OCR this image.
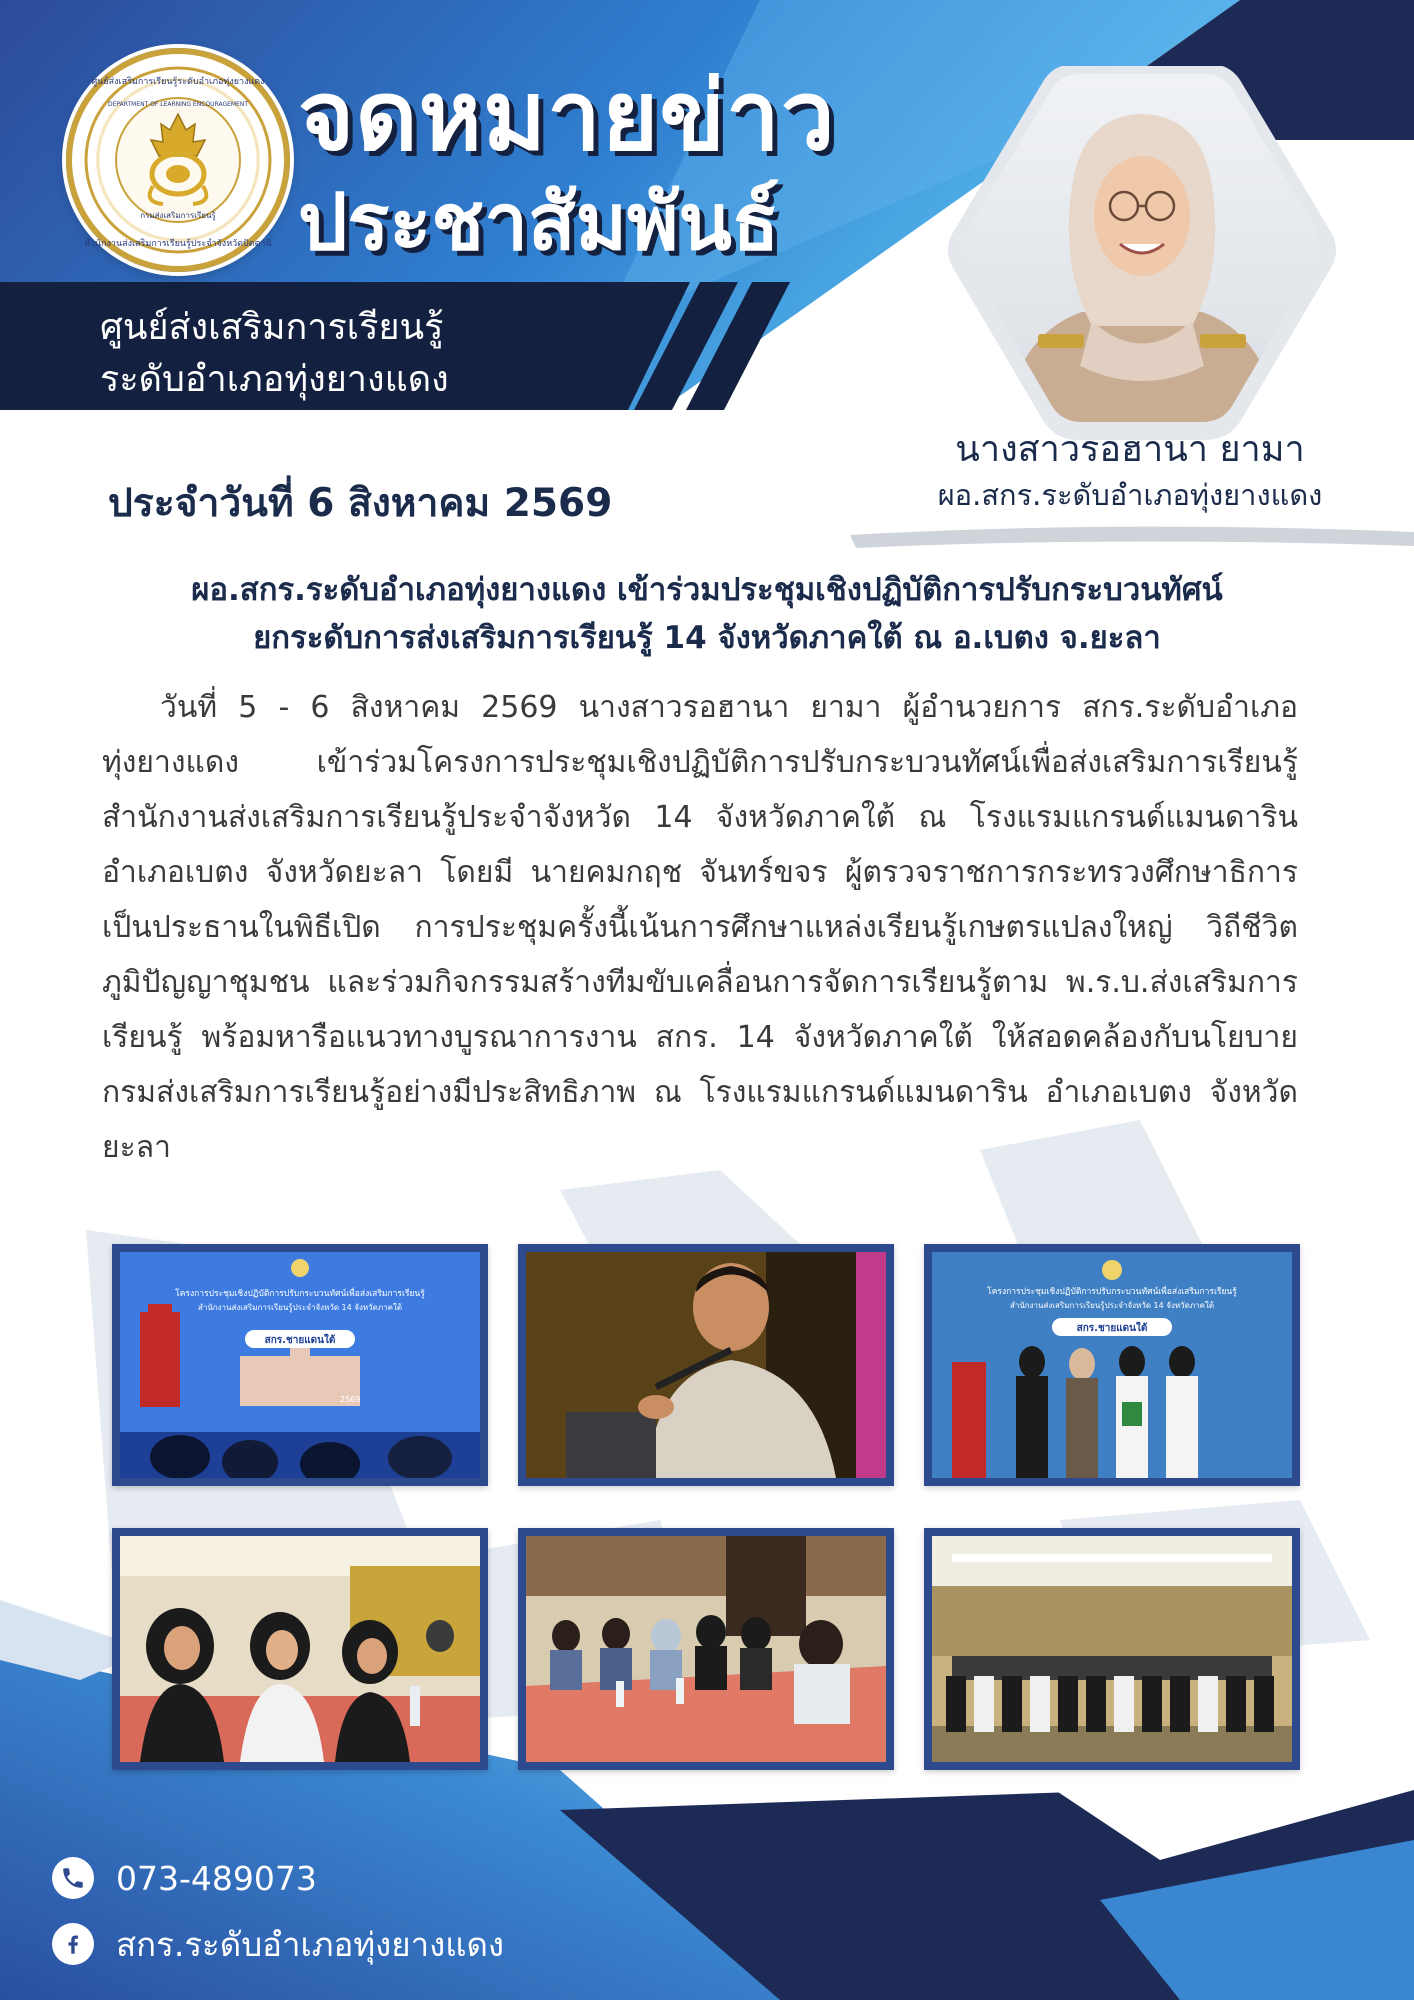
ศูนย์ส่งเสริมการเรียนรู้ระดับอำเภอทุ่งยางแดง
สำนักงานส่งเสริมการเรียนรู้ประจำจังหวัดปัตตานี
DEPARTMENT OF LEARNING ENCOURAGEMENT
กรมส่งเสริมการเรียนรู้
จดหมายข่าว
ประชาสัมพันธ์
ศูนย์ส่งเสริมการเรียนรู้
ระดับอำเภอทุ่งยางแดง
นางสาวรอฮานา ยามา
ผอ.สกร.ระดับอำเภอทุ่งยางแดง
ประจำวันที่ 6 สิงหาคม 2569
ผอ.สกร.ระดับอำเภอทุ่งยางแดง เข้าร่วมประชุมเชิงปฏิบัติการปรับกระบวนทัศน์
ยกระดับการส่งเสริมการเรียนรู้ 14 จังหวัดภาคใต้ ณ อ.เบตง จ.ยะลา
วันที่ 5 - 6 สิงหาคม 2569 นางสาวรอฮานา ยามา ผู้อำนวยการ สกร.ระดับอำเภอทุ่งยางแดง เข้าร่วมโครงการประชุมเชิงปฏิบัติการปรับกระบวนทัศน์เพื่อส่งเสริมการเรียนรู้ สำนักงานส่งเสริมการเรียนรู้ประจำจังหวัด 14 จังหวัดภาคใต้ ณ โรงแรมแกรนด์แมนดาริน อำเภอเบตง จังหวัดยะลา โดยมี นายคมกฤช จันทร์ขจร ผู้ตรวจราชการกระทรวงศึกษาธิการ เป็นประธานในพิธีเปิด การประชุมครั้งนี้เน้นการศึกษาแหล่งเรียนรู้เกษตรแปลงใหญ่ วิถีชีวิตภูมิปัญญาชุมชน และร่วมกิจกรรมสร้างทีมขับเคลื่อนการจัดการเรียนรู้ตาม พ.ร.บ.ส่งเสริมการเรียนรู้ พร้อมหารือแนวทางบูรณาการงาน สกร. 14 จังหวัดภาคใต้ ให้สอดคล้องกับนโยบายกรมส่งเสริมการเรียนรู้อย่างมีประสิทธิภาพ ณ โรงแรมแกรนด์แมนดาริน อำเภอเบตง จังหวัดยะลา
โครงการประชุมเชิงปฏิบัติการปรับกระบวนทัศน์เพื่อส่งเสริมการเรียนรู้
สำนักงานส่งเสริมการเรียนรู้ประจำจังหวัด 14 จังหวัดภาคใต้
สกร.ชายแดนใต้
2569
โครงการประชุมเชิงปฏิบัติการปรับกระบวนทัศน์เพื่อส่งเสริมการเรียนรู้
สำนักงานส่งเสริมการเรียนรู้ประจำจังหวัด 14 จังหวัดภาคใต้
สกร.ชายแดนใต้
073-489073
สกร.ระดับอำเภอทุ่งยางแดง
